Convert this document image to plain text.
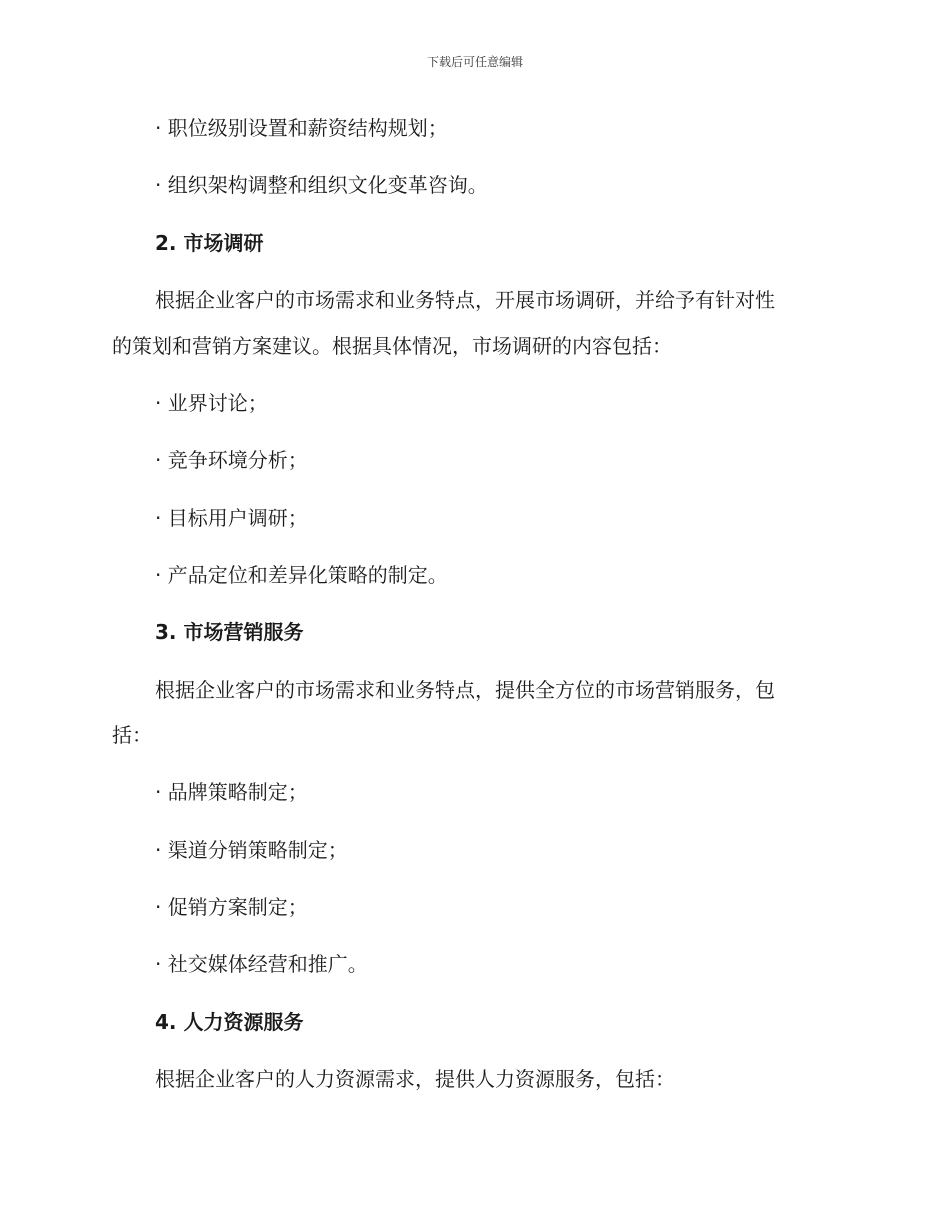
下载后可任意编辑
· 职位级别设置和薪资结构规划；
· 组织架构调整和组织文化变革咨询。
2. 市场调研
根据企业客户的市场需求和业务特点，开展市场调研，并给予有针对性
的策划和营销方案建议。根据具体情况，市场调研的内容包括：
· 业界讨论；
· 竞争环境分析；
· 目标用户调研；
· 产品定位和差异化策略的制定。
3. 市场营销服务
根据企业客户的市场需求和业务特点，提供全方位的市场营销服务，包
括：
· 品牌策略制定；
· 渠道分销策略制定；
· 促销方案制定；
· 社交媒体经营和推广。
4. 人力资源服务
根据企业客户的人力资源需求，提供人力资源服务，包括：
